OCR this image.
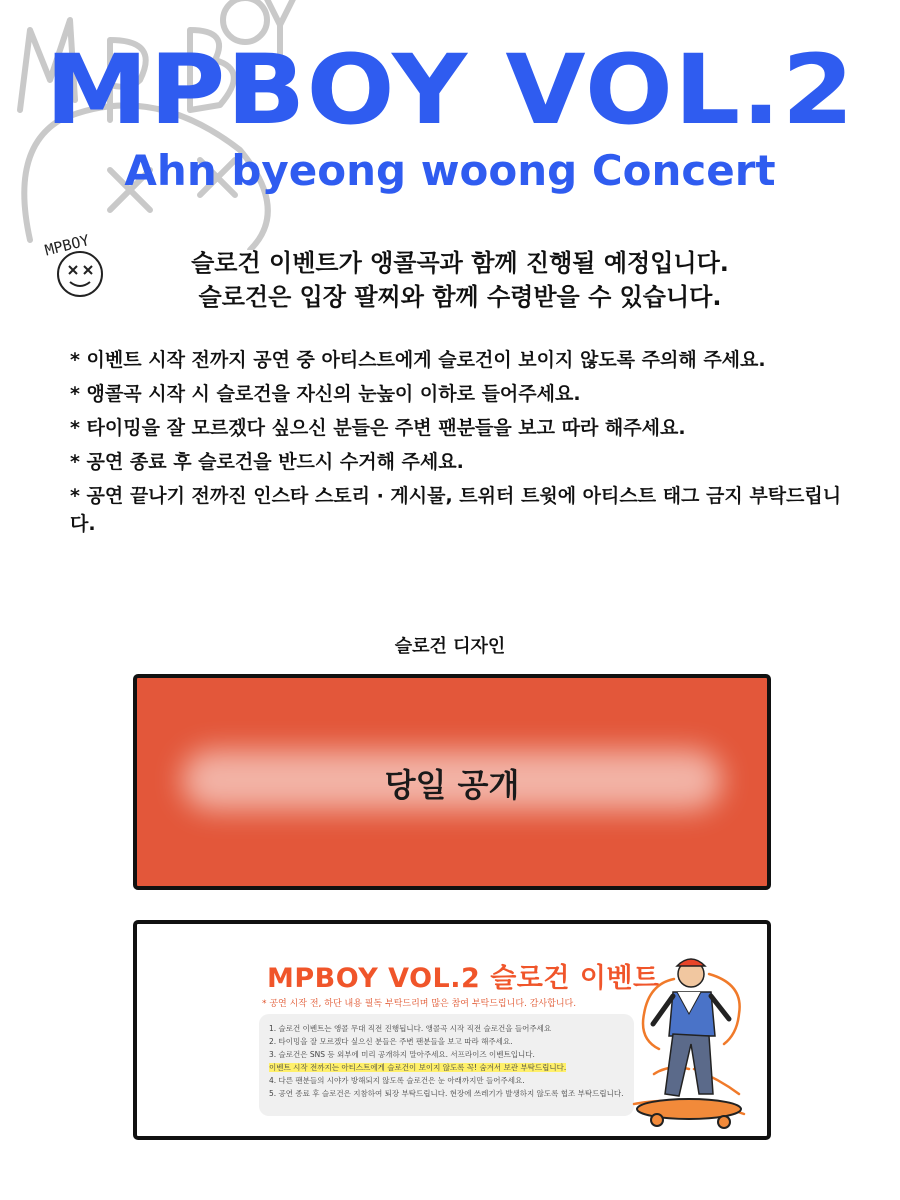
MPBOY
MPBOY VOL.2
Ahn byeong woong Concert
슬로건 이벤트가 앵콜곡과 함께 진행될 예정입니다.
슬로건은 입장 팔찌와 함께 수령받을 수 있습니다.
* 이벤트 시작 전까지 공연 중 아티스트에게 슬로건이 보이지 않도록 주의해 주세요.
* 앵콜곡 시작 시 슬로건을 자신의 눈높이 이하로 들어주세요.
* 타이밍을 잘 모르겠다 싶으신 분들은 주변 팬분들을 보고 따라 해주세요.
* 공연 종료 후 슬로건을 반드시 수거해 주세요.
* 공연 끝나기 전까진 인스타 스토리 · 게시물, 트위터 트윗에 아티스트 태그 금지 부탁드립니다.
슬로건 디자인
당일 공개
MPBOY VOL.2 슬로건 이벤트
* 공연 시작 전, 하단 내용 필독 부탁드리며 많은 참여 부탁드립니다. 감사합니다.
1. 슬로건 이벤트는 앵콜 무대 직전 진행됩니다. 앵콜곡 시작 직전 슬로건을 들어주세요
2. 타이밍을 잘 모르겠다 싶으신 분들은 주변 팬분들을 보고 따라 해주세요.
3. 슬로건은 SNS 등 외부에 미리 공개하지 말아주세요. 서프라이즈 이벤트입니다.
이벤트 시작 전까지는 아티스트에게 슬로건이 보이지 않도록 꼭! 숨겨서 보관 부탁드립니다.
4. 다른 팬분들의 시야가 방해되지 않도록 슬로건은 눈 아래까지만 들어주세요.
5. 공연 종료 후 슬로건은 지참하여 퇴장 부탁드립니다. 현장에 쓰레기가 발생하지 않도록 협조 부탁드립니다.
